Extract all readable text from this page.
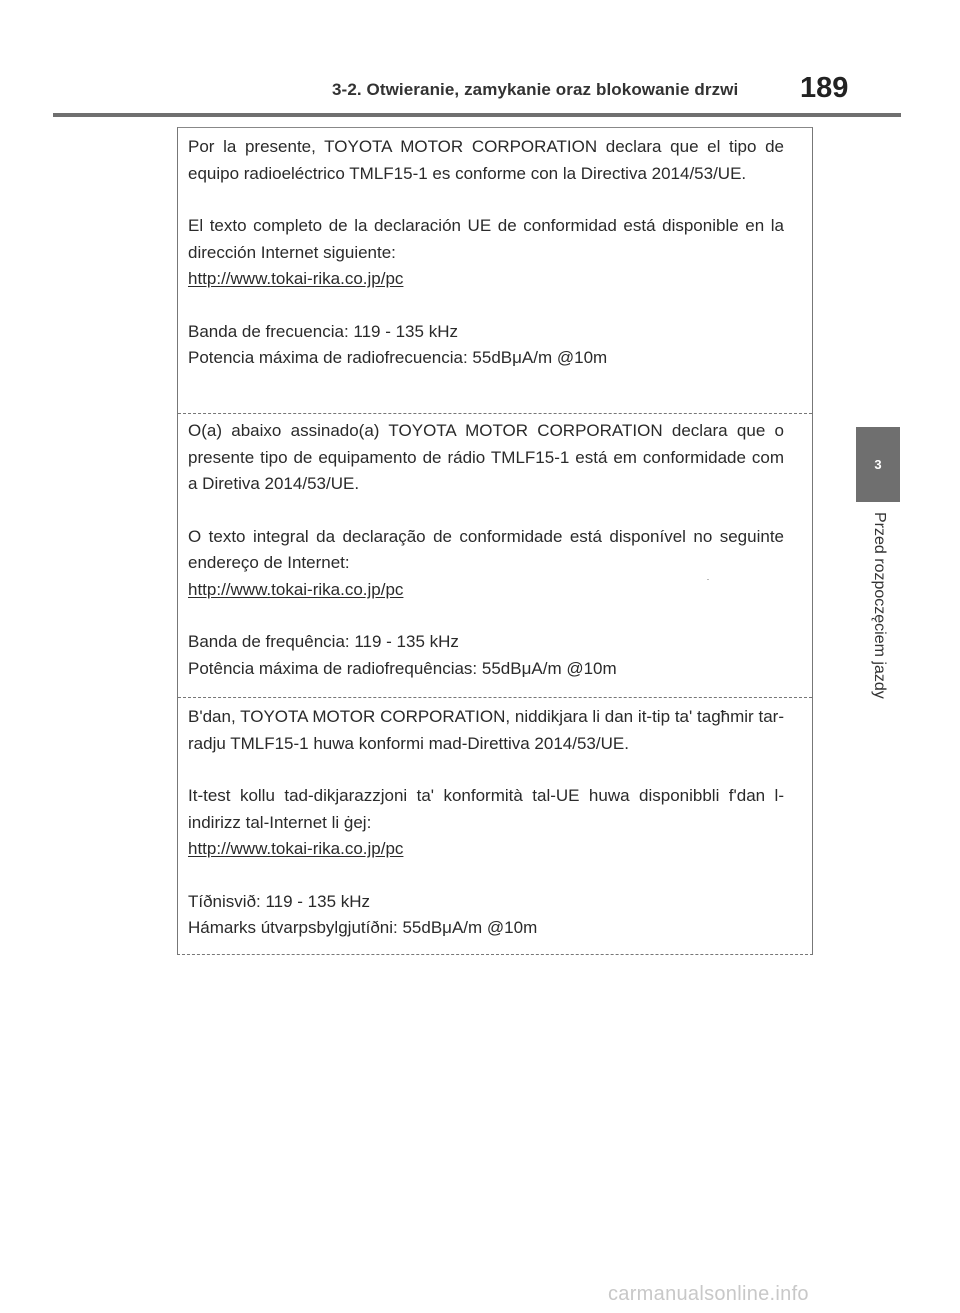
3-2. Otwieranie, zamykanie oraz blokowanie drzwi 189

Por la presente, TOYOTA MOTOR CORPORATION declara que el tipo de equipo radioeléctrico TMLF15-1 es conforme con la Directiva 2014/53/UE.

El texto completo de la declaración UE de conformidad está disponible en la dirección Internet siguiente:

http://www.tokai-rika.co.jp/pc

Banda de frecuencia: 119 - 135 kHz

Potencia máxima de radiofrecuencia: 55dBμA/m @10m

O(a) abaixo assinado(a) TOYOTA MOTOR CORPORATION declara que o presente tipo de equipamento de rádio TMLF15-1 está em conformidade com a Diretiva 2014/53/UE.

O texto integral da declaração de conformidade está disponível no seguinte endereço de Internet:

http://www.tokai-rika.co.jp/pc

Banda de frequência: 119 - 135 kHz

Potência máxima de radiofrequências: 55dBμA/m @10m

B'dan, TOYOTA MOTOR CORPORATION, niddikjara li dan it-tip ta' tagħmir tar-radju TMLF15-1 huwa konformi mad-Direttiva 2014/53/UE.

It-test kollu tad-dikjarazzjoni ta' konformità tal-UE huwa disponibbli f'dan l-indirizz tal-Internet li ġej:

http://www.tokai-rika.co.jp/pc

Tíðnisvið: 119 - 135 kHz

Hámarks útvarpsbylgjutíðni: 55dBμA/m @10m

3
Przed rozpoczęciem jazdy
carmanualsonline.info
